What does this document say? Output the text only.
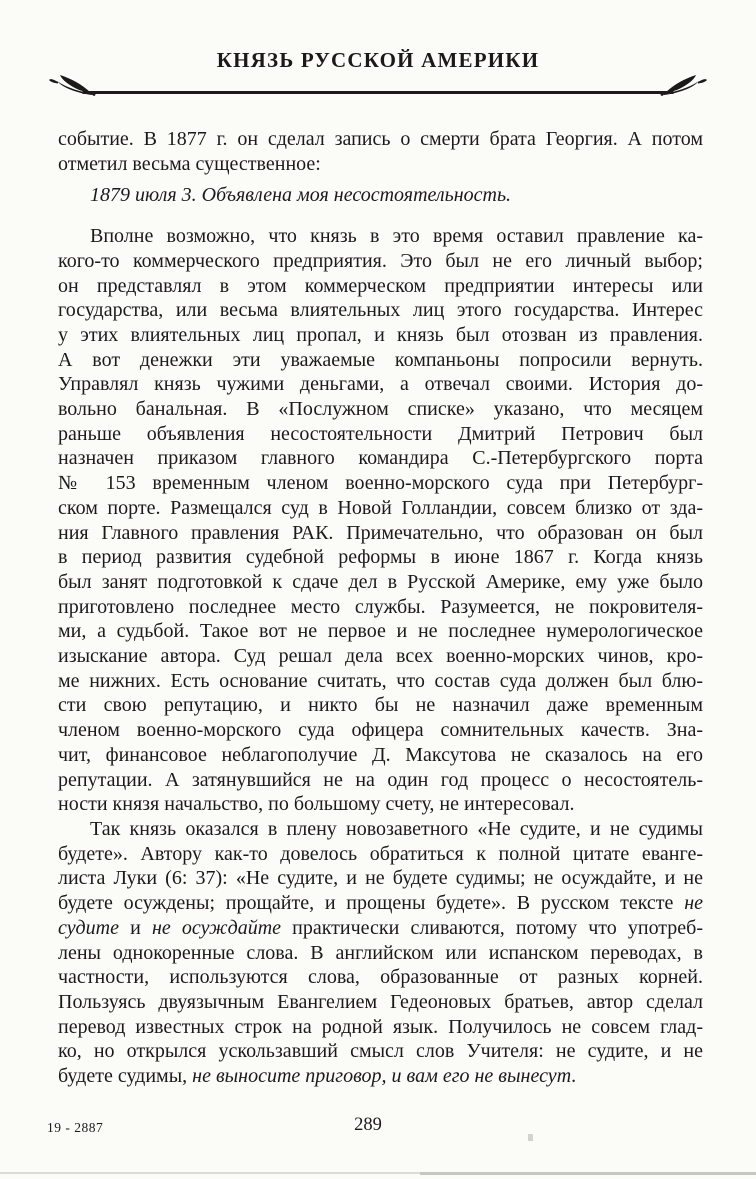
КНЯЗЬ РУССКОЙ АМЕРИКИ
событие. В 1877 г. он сделал запись о смерти брата Георгия. А потом
отметил весьма существенное:
1879 июля 3. Объявлена моя несостоятельность.
Вполне возможно, что князь в это время оставил правление ка-
кого-то коммерческого предприятия. Это был не его личный выбор;
он представлял в этом коммерческом предприятии интересы или
государства, или весьма влиятельных лиц этого государства. Интерес
у этих влиятельных лиц пропал, и князь был отозван из правления.
А вот денежки эти уважаемые компаньоны попросили вернуть.
Управлял князь чужими деньгами, а отвечал своими. История до-
вольно банальная. В «Послужном списке» указано, что месяцем
раньше объявления несостоятельности Дмитрий Петрович был
назначен приказом главного командира С.-Петербургского порта
№ 153 временным членом военно-морского суда при Петербург-
ском порте. Размещался суд в Новой Голландии, совсем близко от зда-
ния Главного правления РАК. Примечательно, что образован он был
в период развития судебной реформы в июне 1867 г. Когда князь
был занят подготовкой к сдаче дел в Русской Америке, ему уже было
приготовлено последнее место службы. Разумеется, не покровителя-
ми, а судьбой. Такое вот не первое и не последнее нумерологическое
изыскание автора. Суд решал дела всех военно-морских чинов, кро-
ме нижних. Есть основание считать, что состав суда должен был блю-
сти свою репутацию, и никто бы не назначил даже временным
членом военно-морского суда офицера сомнительных качеств. Зна-
чит, финансовое неблагополучие Д. Максутова не сказалось на его
репутации. А затянувшийся не на один год процесс о несостоятель-
ности князя начальство, по большому счету, не интересовал.
Так князь оказался в плену новозаветного «Не судите, и не судимы
будете». Автору как-то довелось обратиться к полной цитате еванге-
листа Луки (6: 37): «Не судите, и не будете судимы; не осуждайте, и не
будете осуждены; прощайте, и прощены будете». В русском тексте не
судите и не осуждайте практически сливаются, потому что употреб-
лены однокоренные слова. В английском или испанском переводах, в
частности, используются слова, образованные от разных корней.
Пользуясь двуязычным Евангелием Гедеоновых братьев, автор сделал
перевод известных строк на родной язык. Получилось не совсем глад-
ко, но открылся ускользавший смысл слов Учителя: не судите, и не
будете судимы, не выносите приговор, и вам его не вынесут.
19 - 2887	289
